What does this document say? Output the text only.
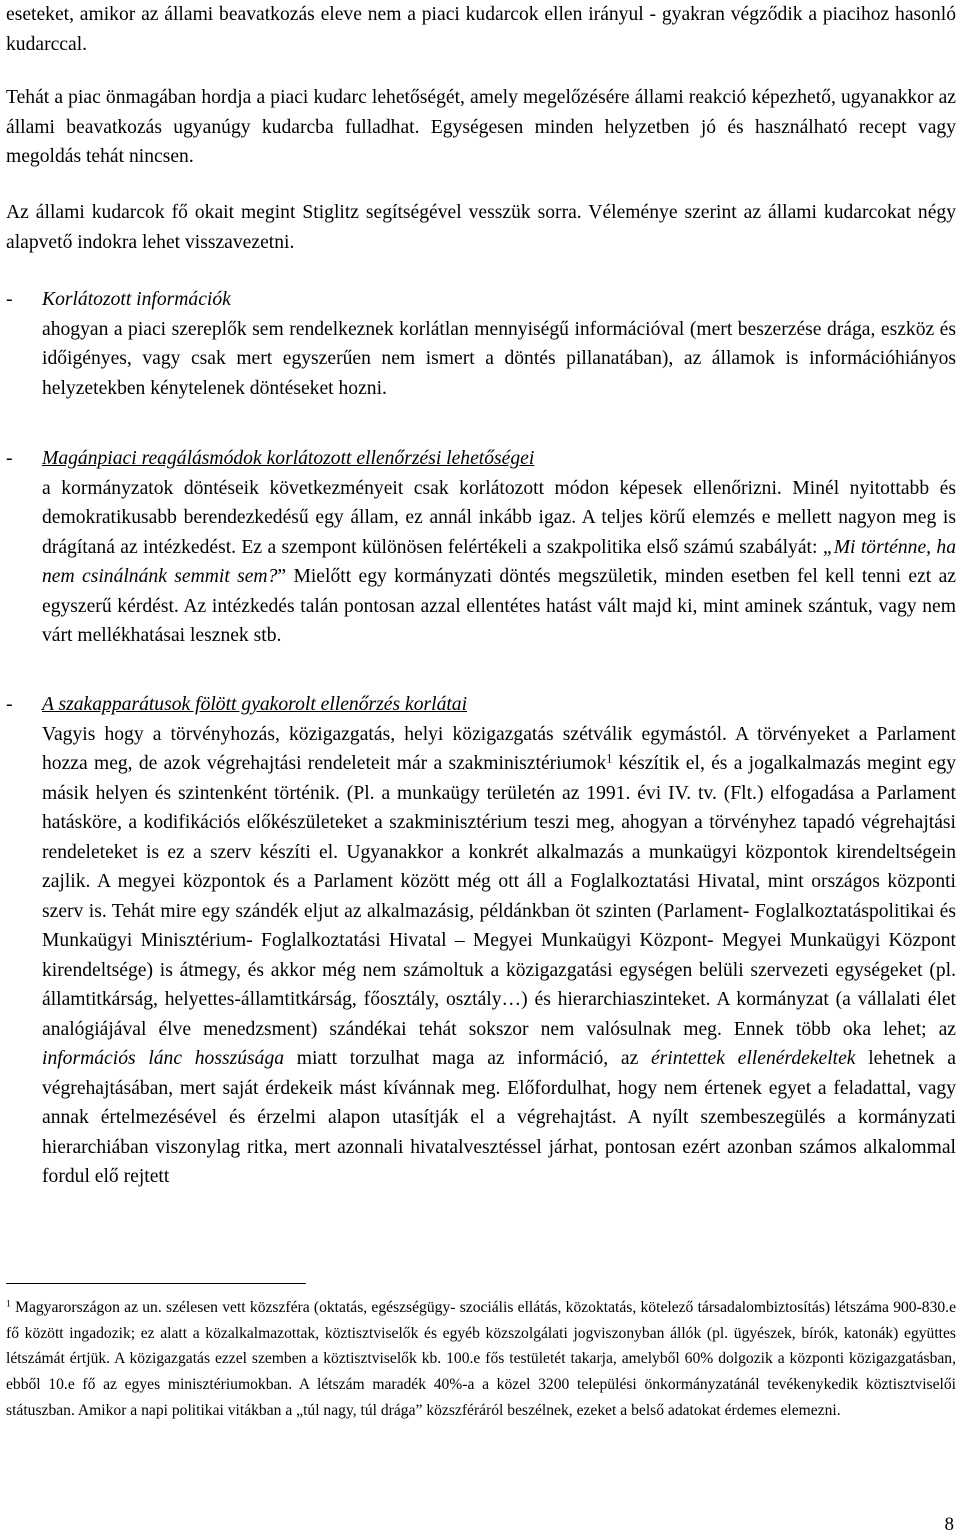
eseteket, amikor az állami beavatkozás eleve nem a piaci kudarcok ellen irányul - gyakran végződik a piacihoz hasonló kudarccal.

Tehát a piac önmagában hordja a piaci kudarc lehetőségét, amely megelőzésére állami reakció képezhető, ugyanakkor az állami beavatkozás ugyanúgy kudarcba fulladhat. Egységesen minden helyzetben jó és használható recept vagy megoldás tehát nincsen.

Az állami kudarcok fő okait megint Stiglitz segítségével vesszük sorra. Véleménye szerint az állami kudarcokat négy alapvető indokra lehet visszavezetni.

- Korlátozott információk
ahogyan a piaci szereplők sem rendelkeznek korlátlan mennyiségű információval (mert beszerzése drága, eszköz és időigényes, vagy csak mert egyszerűen nem ismert a döntés pillanatában), az államok is információhiányos helyzetekben kénytelenek döntéseket hozni.

- Magánpiaci reagálásmódok korlátozott ellenőrzési lehetőségei
a kormányzatok döntéseik következményeit csak korlátozott módon képesek ellenőrizni. Minél nyitottabb és demokratikusabb berendezkedésű egy állam, ez annál inkább igaz. A teljes körű elemzés e mellett nagyon meg is drágítaná az intézkedést. Ez a szempont különösen felértékeli a szakpolitika első számú szabályát: „Mi történne, ha nem csinálnánk semmit sem?” Mielőtt egy kormányzati döntés megszületik, minden esetben fel kell tenni ezt az egyszerű kérdést. Az intézkedés talán pontosan azzal ellentétes hatást vált majd ki, mint aminek szántuk, vagy nem várt mellékhatásai lesznek stb.

- A szakapparátusok fölött gyakorolt ellenőrzés korlátai
Vagyis hogy a törvényhozás, közigazgatás, helyi közigazgatás szétválik egymástól. A törvényeket a Parlament hozza meg, de azok végrehajtási rendeleteit már a szakminisztériumok$^1$ készítik el, és a jogalkalmazás megint egy másik helyen és szintenként történik. (Pl. a munkaügy területén az 1991. évi IV. tv. (Flt.) elfogadása a Parlament hatásköre, a kodifikációs előkészületeket a szakminisztérium teszi meg, ahogyan a törvényhez tapadó végrehajtási rendeleteket is ez a szerv készíti el. Ugyanakkor a konkrét alkalmazás a munkaügyi központok kirendeltségein zajlik. A megyei központok és a Parlament között még ott áll a Foglalkoztatási Hivatal, mint országos központi szerv is. Tehát mire egy szándék eljut az alkalmazásig, példánkban öt szinten (Parlament- Foglalkoztatáspolitikai és Munkaügyi Minisztérium- Foglalkoztatási Hivatal – Megyei Munkaügyi Központ- Megyei Munkaügyi Központ kirendeltsége) is átmegy, és akkor még nem számoltuk a közigazgatási egységen belüli szervezeti egységeket (pl. államtitkárság, helyettes-államtitkárság, főosztály, osztály…) és hierarchiaszinteket. A kormányzat (a vállalati élet analógiájával élve menedzsment) szándékai tehát sokszor nem valósulnak meg. Ennek több oka lehet; az információs lánc hosszúsága miatt torzulhat maga az információ, az érintettek ellenérdekeltek lehetnek a végrehajtásában, mert saját érdekeik mást kívánnak meg. Előfordulhat, hogy nem értenek egyet a feladattal, vagy annak értelmezésével és érzelmi alapon utasítják el a végrehajtást. A nyílt szembeszegülés a kormányzati hierarchiában viszonylag ritka, mert azonnali hivatalvesztéssel járhat, pontosan ezért azonban számos alkalommal fordul elő rejtett

$^1$ Magyarországon az un. szélesen vett közszféra (oktatás, egészségügy- szociális ellátás, közoktatás, kötelező társadalombiztosítás) létszáma 900-830.e fő között ingadozik; ez alatt a közalkalmazottak, köztisztviselők és egyéb közszolgálati jogviszonyban állók (pl. ügyészek, bírók, katonák) együttes létszámát értjük. A közigazgatás ezzel szemben a köztisztviselők kb. 100.e fős testületét takarja, amelyből 60% dolgozik a központi közigazgatásban, ebből 10.e fő az egyes minisztériumokban. A létszám maradék 40%-a a közel 3200 települési önkormányzatánál tevékenykedik köztisztviselői státuszban. Amikor a napi politikai vitákban a „túl nagy, túl drága” közszféráról beszélnek, ezeket a belső adatokat érdemes elemezni.

8
